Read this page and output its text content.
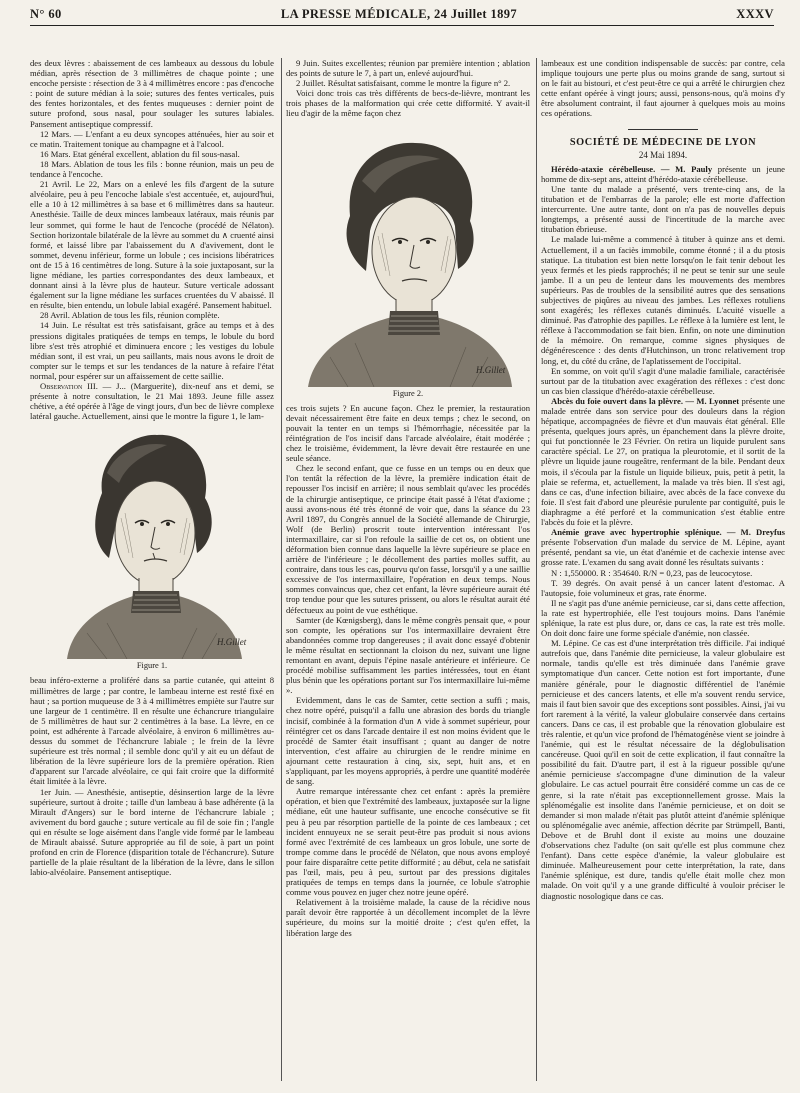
N° 60	LA PRESSE MÉDICALE, 24 Juillet 1897	XXXV

des deux lèvres : abaissement de ces lambeaux au dessous du lobule médian, après résection de 3 millimètres de chaque pointe ; une encoche persiste : résection de 3 à 4 millimètres encore : pas d'encoche : point de suture médian à la soie; sutures des fentes verticales, puis des fentes horizontales, et des fentes muqueuses : dernier point de suture profond, sous nasal, pour soulager les sutures labiales. Pansement antiseptique compressif.

12 Mars. — L'enfant a eu deux syncopes atténuées, hier au soir et ce matin. Traitement tonique au champagne et à l'alcool.

16 Mars. Etat général excellent, ablation du fil sous-nasal.

18 Mars. Ablation de tous les fils : bonne réunion, mais un peu de tendance à l'encoche.

21 Avril. Le 22, Mars on a enlevé les fils d'argent de la suture alvéolaire, peu à peu l'encoche labiale s'est accentuée, et, aujourd'hui, elle a 10 à 12 millimètres à sa base et 6 millimètres dans sa hauteur. Anesthésie. Taille de deux minces lambeaux latéraux, mais réunis par leur sommet, qui forme le haut de l'encoche (procédé de Nélaton). Section horizontale bilatérale de la lèvre au sommet du ∧ cruenté ainsi formé, et laissé libre par l'abaissement du ∧ d'avivement, dont le sommet, devenu inférieur, forme un lobule ; ces incisions libératrices ont de 15 à 16 centimètres de long. Suture à la soie juxtaposant, sur la ligne médiane, les parties correspondantes des deux lambeaux, et donnant ainsi à la lèvre plus de hauteur. Suture verticale adossant également sur la ligne médiane les surfaces cruentées du V abaissé. Il en résulte, bien entendu, un lobule labial exagéré. Pansement habituel.

28 Avril. Ablation de tous les fils, réunion complète.

14 Juin. Le résultat est très satisfaisant, grâce au temps et à des pressions digitales pratiquées de temps en temps, le lobule du bord libre s'est très atrophié et diminuera encore ; les vestiges du lobule médian sont, il est vrai, un peu saillants, mais nous avons le droit de compter sur le temps et sur les tendances de la nature à refaire l'état normal, pour espérer sur un affaissement de cette saillie.

Observation III. — J... (Marguerite), dix-neuf ans et demi, se présente à notre consultation, le 21 Mai 1893. Jeune fille assez chétive, a été opérée à l'âge de vingt jours, d'un bec de lièvre complexe latéral gauche. Actuellement, ainsi que le montre la figure 1, le lam-

H.Gillet
Figure 1.

beau inféro-externe a proliféré dans sa partie cutanée, qui atteint 8 millimètres de large ; par contre, le lambeau interne est resté fixé en haut ; sa portion muqueuse de 3 à 4 millimètres empiète sur l'autre sur une largeur de 1 centimètre. Il en résulte une échancrure triangulaire de 5 millimètres de haut sur 2 centimètres à la base. La lèvre, en ce point, est adhérente à l'arcade alvéolaire, à environ 6 millimètres au-dessus du sommet de l'échancrure labiale ; le frein de la lèvre supérieure est très normal ; il semble donc qu'il y ait eu un défaut de libération de la lèvre supérieure lors de la première opération. Rien d'apparent sur l'arcade alvéolaire, ce qui fait croire que la difformité était limitée à la lèvre.

1er Juin. — Anesthésie, antiseptie, désinsertion large de la lèvre supérieure, surtout à droite ; taille d'un lambeau à base adhérente (à la Mirault d'Angers) sur le bord interne de l'échancrure labiale ; avivement du bord gauche ; suture verticale au fil de soie fin ; l'angle qui en résulte se loge aisément dans l'angle vide formé par le lambeau de Mirault abaissé. Suture appropriée au fil de soie, à part un point profond en crin de Florence (disparition totale de l'échancrure). Suture partielle de la plaie résultant de la libération de la lèvre, dans le sillon labio-alvéolaire. Pansement antiseptique.

9 Juin. Suites excellentes; réunion par première intention ; ablation des points de suture le 7, à part un, enlevé aujourd'hui.

2 Juillet. Résultat satisfaisant, comme le montre la figure n° 2.

Voici donc trois cas très différents de becs-de-lièvre, montrant les trois phases de la malformation qui crée cette difformité. Y avait-il lieu d'agir de la même façon chez

H.Gillet
Figure 2.

ces trois sujets ? En aucune façon. Chez le premier, la restauration devait nécessairement être faite en deux temps ; chez le second, on pouvait la tenter en un temps si l'hémorrhagie, nécessitée par la réintégration de l'os incisif dans l'arcade alvéolaire, était modérée ; chez le troisième, évidemment, la lèvre devait être restaurée en une seule séance.

Chez le second enfant, que ce fusse en un temps ou en deux que l'on tentât la réfection de la lèvre, la première indication était de repousser l'os incisif en arrière; il nous semblait qu'avec les procédés de la chirurgie antiseptique, ce principe était passé à l'état d'axiome ; aussi avons-nous été très étonné de voir que, dans la séance du 23 Avril 1897, du Congrès annuel de la Société allemande de Chirurgie, Wolf (de Berlin) proscrit toute intervention intéressant l'os intermaxillaire, car si l'on refoule la saillie de cet os, on obtient une déformation bien connue dans laquelle la lèvre supérieure se place en arrière de l'inférieure ; le décollement des parties molles suffit, au contraire, dans tous les cas, pourvu qu'on fasse, lorsqu'il y a une saillie excessive de l'os intermaxillaire, l'opération en deux temps. Nous sommes convaincus que, chez cet enfant, la lèvre supérieure aurait été trop tendue pour que les sutures prissent, ou alors le résultat aurait été défectueux au point de vue esthétique.

Samter (de Kœnigsberg), dans le même congrès pensait que, « pour son compte, les opérations sur l'os intermaxillaire devraient être abandonnées comme trop dangereuses ; il avait donc essayé d'obtenir le même résultat en sectionnant la cloison du nez, suivant une ligne remontant en avant, depuis l'épine nasale antérieure et inférieure. Ce procédé mobilise suffisamment les parties intéressées, tout en étant plus bénin que les opérations portant sur l'os intermaxillaire lui-même ».

Evidemment, dans le cas de Samter, cette section a suffi ; mais, chez notre opéré, puisqu'il a fallu une abrasion des bords du triangle incisif, combinée à la formation d'un ∧ vide à sommet supérieur, pour réintégrer cet os dans l'arcade dentaire il est non moins évident que le procédé de Samter était insuffisant ; quant au danger de notre intervention, c'est affaire au chirurgien de le rendre minime en ajournant cette restauration à cinq, six, sept, huit ans, et en s'appliquant, par les moyens appropriés, à perdre une quantité modérée de sang.

Autre remarque intéressante chez cet enfant : après la première opération, et bien que l'extrémité des lambeaux, juxtaposée sur la ligne médiane, eût une hauteur suffisante, une encoche consécutive se fit peu à peu par résorption partielle de la pointe de ces lambeaux ; cet incident ennuyeux ne se serait peut-être pas produit si nous avions formé avec l'extrémité de ces lambeaux un gros lobule, une sorte de trompe comme dans le procédé de Nélaton, que nous avons employé pour faire disparaître cette petite difformité ; au début, cela ne satisfait pas l'œil, mais, peu à peu, surtout par des pressions digitales pratiquées de temps en temps dans la journée, ce lobule s'atrophie comme vous pouvez en juger chez notre jeune opéré.

Relativement à la troisième malade, la cause de la récidive nous paraît devoir être rapportée à un décollement incomplet de la lèvre supérieure, du moins sur la moitié droite ; c'est qu'en effet, la libération large des

lambeaux est une condition indispensable de succès: par contre, cela implique toujours une perte plus ou moins grande de sang, surtout si on le fait au bistouri, et c'est peut-être ce qui a arrêté le chirurgien chez cette enfant opérée à vingt jours; aussi, pensons-nous, qu'à moins d'y être absolument contraint, il faut ajourner à quelques mois au moins ces opérations.

SOCIÉTÉ DE MÉDECINE DE LYON
24 Mai 1894.

Hérédo-ataxie cérébelleuse. — M. Pauly présente un jeune homme de dix-sept ans, atteint d'hérédo-ataxie cérébelleuse.

Une tante du malade a présenté, vers trente-cinq ans, de la titubation et de l'embarras de la parole; elle est morte d'affection intercurrente. Une autre tante, dont on n'a pas de nouvelles depuis longtemps, a présenté aussi de l'incertitude de la marche avec titubation ébrieuse.

Le malade lui-même a commencé à tituber à quinze ans et demi. Actuellement, il a un faciès immobile, comme étonné ; il a du ptosis statique. La titubation est bien nette lorsqu'on le fait tenir debout les yeux fermés et les pieds rapprochés; il ne peut se tenir sur une seule jambe. Il a un peu de lenteur dans les mouvements des membres supérieurs. Pas de troubles de la sensibilité autres que des sensations subjectives de piqûres au niveau des jambes. Les réflexes rotuliens sont exagérés; les réflexes cutanés diminués. L'acuité visuelle a diminué. Pas d'atrophie des papilles. Le réflexe à la lumière est lent, le réflexe à l'accommodation se fait bien. Enfin, on note une diminution de la mémoire. On remarque, comme signes physiques de dégénérescence : des dents d'Hutchinson, un tronc relativement trop long, et, du côté du crâne, de l'aplatissement de l'occipital.

En somme, on voit qu'il s'agit d'une maladie familiale, caractérisée surtout par de la titubation avec exagération des réflexes : c'est donc un cas bien classique d'hérédo-ataxie cérébelleuse.

Abcès du foie ouvert dans la plèvre. — M. Lyonnet présente une malade entrée dans son service pour des douleurs dans la région hépatique, accompagnées de fièvre et d'un mauvais état général. Elle présenta, quelques jours après, un épanchement dans la plèvre droite, qui fut ponctionnée le 23 Février. On retira un liquide purulent sans caractère spécial. Le 27, on pratiqua la pleurotomie, et il sortit de la plèvre un liquide jaune rougeâtre, renfermant de la bile. Pendant deux mois, il s'écoula par la fistule un liquide bilieux, puis, petit à petit, la plaie se referma, et, actuellement, la malade va très bien. Il s'est agi, dans ce cas, d'une infection biliaire, avec abcès de la face convexe du foie. Il s'est fait d'abord une pleurésie purulente par contiguïté, puis le diaphragme a été perforé et la communication s'est établie entre l'abcès du foie et la plèvre.

Anémie grave avec hypertrophie splénique. — M. Dreyfus présente l'observation d'un malade du service de M. Lépine, ayant présenté, pendant sa vie, un état d'anémie et de cachexie intense avec grosse rate. L'examen du sang avait donné les résultats suivants :

N : 1,550000. R : 354640. R/N = 0,23, pas de leucocytose.

T. 39 degrés. On avait pensé à un cancer latent d'estomac. A l'autopsie, foie volumineux et gras, rate énorme.

Il ne s'agit pas d'une anémie pernicieuse, car si, dans cette affection, la rate est hypertrophiée, elle l'est toujours moins. Dans l'anémie splénique, la rate est plus dure, or, dans ce cas, la rate est très molle. On doit donc faire une forme spéciale d'anémie, non classée.

M. Lépine. Ce cas est d'une interprétation très difficile. J'ai indiqué autrefois que, dans l'anémie dite pernicieuse, la valeur globulaire est normale, tandis qu'elle est très diminuée dans l'anémie grave symptomatique d'un cancer. Cette notion est fort importante, d'une manière générale, pour le diagnostic différentiel de l'anémie pernicieuse et des cancers latents, et elle m'a souvent rendu service, mais il faut bien savoir que des exceptions sont possibles. Ainsi, j'ai vu fort rarement à la vérité, la valeur globulaire conservée dans certains cancers. Dans ce cas, il est probable que la rénovation globulaire est très ralentie, et qu'un vice profond de l'hématogénèse vient se joindre à l'anémie, qui est le résultat nécessaire de la déglobulisation cancéreuse. Quoi qu'il en soit de cette explication, il faut connaître la possibilité du fait. D'autre part, il est à la rigueur possible qu'une anémie pernicieuse s'accompagne d'une diminution de la valeur globulaire. Le cas actuel pourrait être considéré comme un cas de ce genre, si la rate n'était pas exceptionnellement grosse. Mais la splénomégalie est insolite dans l'anémie pernicieuse, et on doit se demander si mon malade n'était pas plutôt atteint d'anémie splénique ou splénomégalie avec anémie, affection décrite par Strümpell, Banti, Debove et de Bruhl dont il existe au moins une douzaine d'observations chez l'adulte (on sait qu'elle est plus commune chez l'enfant). Dans cette espèce d'anémie, la valeur globulaire est diminuée. Malheureusement pour cette interprétation, la rate, dans l'anémie splénique, est dure, tandis qu'elle était molle chez mon malade. On voit qu'il y a une grande difficulté à vouloir préciser le diagnostic nosologique dans ce cas.
